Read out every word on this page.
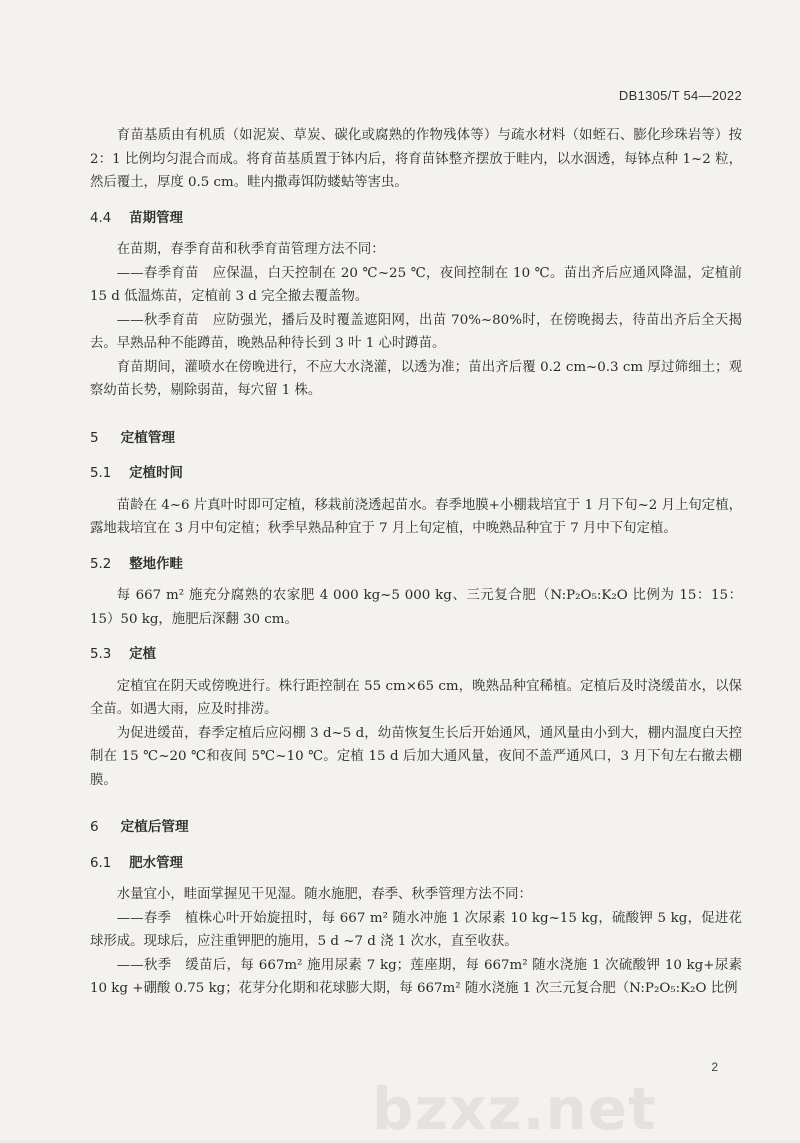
DB1305/T 54—2022

育苗基质由有机质（如泥炭、草炭、碳化或腐熟的作物残体等）与疏水材料（如蛭石、膨化珍珠岩等）按 2：1 比例均匀混合而成。将育苗基质置于钵内后，将育苗钵整齐摆放于畦内，以水洇透，每钵点种 1~2 粒，然后覆土，厚度 0.5 cm。畦内撒毒饵防蝼蛄等害虫。

4.4 苗期管理

在苗期，春季育苗和秋季育苗管理方法不同：

——春季育苗　应保温，白天控制在 20 ℃~25 ℃，夜间控制在 10 ℃。苗出齐后应通风降温，定植前 15 d 低温炼苗，定植前 3 d 完全撤去覆盖物。

——秋季育苗　应防强光，播后及时覆盖遮阳网，出苗 70%~80%时，在傍晚揭去，待苗出齐后全天揭去。早熟品种不能蹲苗，晚熟品种待长到 3 叶 1 心时蹲苗。

育苗期间，灌喷水在傍晚进行，不应大水浇灌，以透为准；苗出齐后覆 0.2 cm~0.3 cm 厚过筛细土；观察幼苗长势，剔除弱苗，每穴留 1 株。

5 定植管理
5.1 定植时间

苗龄在 4~6 片真叶时即可定植，移栽前浇透起苗水。春季地膜+小棚栽培宜于 1 月下旬~2 月上旬定植，露地栽培宜在 3 月中旬定植；秋季早熟品种宜于 7 月上旬定植，中晚熟品种宜于 7 月中下旬定植。

5.2 整地作畦

每 667 m² 施充分腐熟的农家肥 4 000 kg~5 000 kg、三元复合肥（N:P₂O₅:K₂O 比例为 15：15：15）50 kg，施肥后深翻 30 cm。

5.3 定植

定植宜在阴天或傍晚进行。株行距控制在 55 cm×65 cm，晚熟品种宜稀植。定植后及时浇缓苗水，以保全苗。如遇大雨，应及时排涝。

为促进缓苗，春季定植后应闷棚 3 d~5 d，幼苗恢复生长后开始通风，通风量由小到大，棚内温度白天控制在 15 ℃~20 ℃和夜间 5℃~10 ℃。定植 15 d 后加大通风量，夜间不盖严通风口，3 月下旬左右撤去棚膜。

6 定植后管理
6.1 肥水管理

水量宜小，畦面掌握见干见湿。随水施肥，春季、秋季管理方法不同：

——春季　植株心叶开始旋扭时，每 667 m² 随水冲施 1 次尿素 10 kg~15 kg，硫酸钾 5 kg，促进花球形成。现球后，应注重钾肥的施用，5 d ~7 d 浇 1 次水，直至收获。

——秋季　缓苗后，每 667m² 施用尿素 7 kg；莲座期，每 667m² 随水浇施 1 次硫酸钾 10 kg+尿素 10 kg +硼酸 0.75 kg；花芽分化期和花球膨大期，每 667m² 随水浇施 1 次三元复合肥（N:P₂O₅:K₂O 比例

bzxz.net
2
